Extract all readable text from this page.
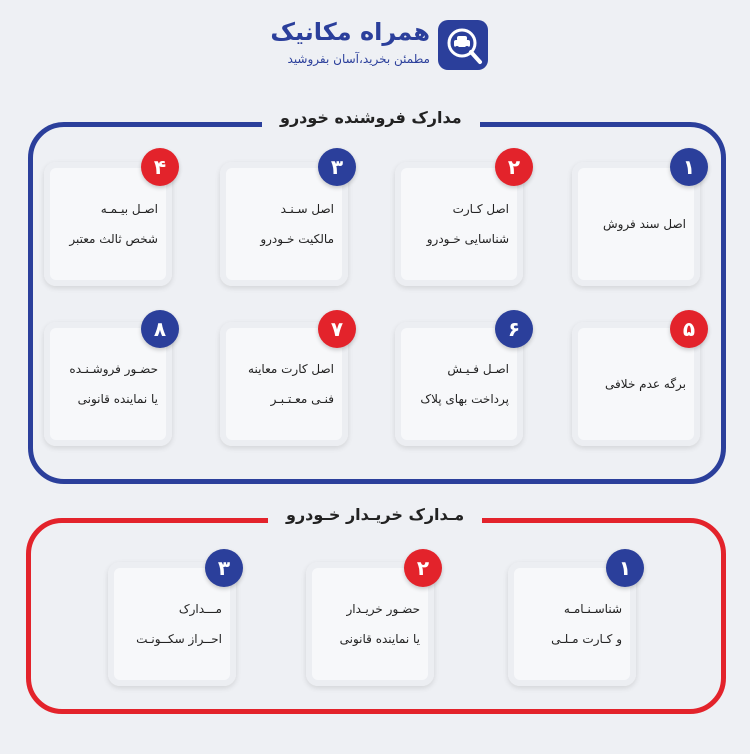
همراه مکانیک
مطمئن بخرید،آسان بفروشید
مدارک فروشنده خودرو
اصل سند فروش
۱
اصل کـارت
شناسایی خـودرو
۲
اصل سـنـد
مالکیت خـودرو
۳
اصـل بیـمـه
شخص ثالث معتبر
۴
برگه عدم خلافی
۵
اصـل فـیـش
پرداخت بهای پلاک
۶
اصل کارت معاینه
فنـی معـتـبـر
۷
حضـور فروشـنـده
یا نماینده قانونی
۸
مـدارک خریـدار خـودرو
شناسـنـامـه
و کـارت مـلـی
۱
حضـور خریـدار
یا نماینده قانونی
۲
مـــدارک
احــراز سکــونـت
۳
